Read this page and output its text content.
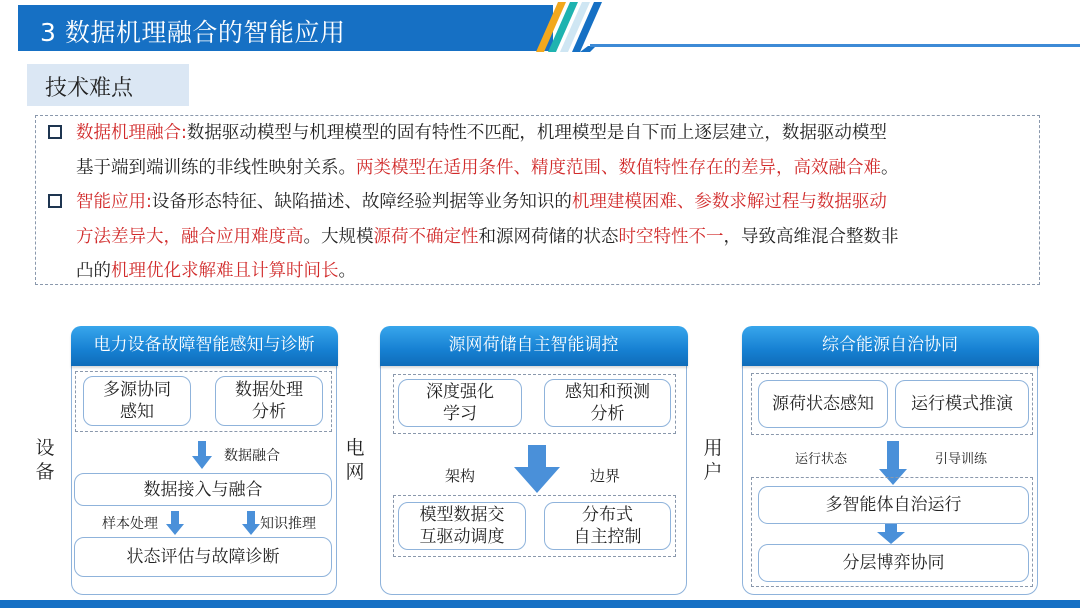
3 数据机理融合的智能应用
技术难点
数据机理融合:数据驱动模型与机理模型的固有特性不匹配，机理模型是自下而上逐层建立，数据驱动模型
基于端到端训练的非线性映射关系。两类模型在适用条件、精度范围、数值特性存在的差异，高效融合难。
智能应用:设备形态特征、缺陷描述、故障经验判据等业务知识的机理建模困难、参数求解过程与数据驱动
方法差异大，融合应用难度高。大规模源荷不确定性和源网荷储的状态时空特性不一，导致高维混合整数非
凸的机理优化求解难且计算时间长。
设
备
电
网
用
户
电力设备故障智能感知与诊断
多源协同
感知
数据处理
分析
数据融合
数据接入与融合
样本处理	知识推理
状态评估与故障诊断
源网荷储自主智能调控
深度强化
学习
感知和预测
分析
架构	边界
模型数据交
互驱动调度
分布式
自主控制
综合能源自治协同
源荷状态感知	运行模式推演
运行状态	引导训练
多智能体自治运行
分层博弈协同
